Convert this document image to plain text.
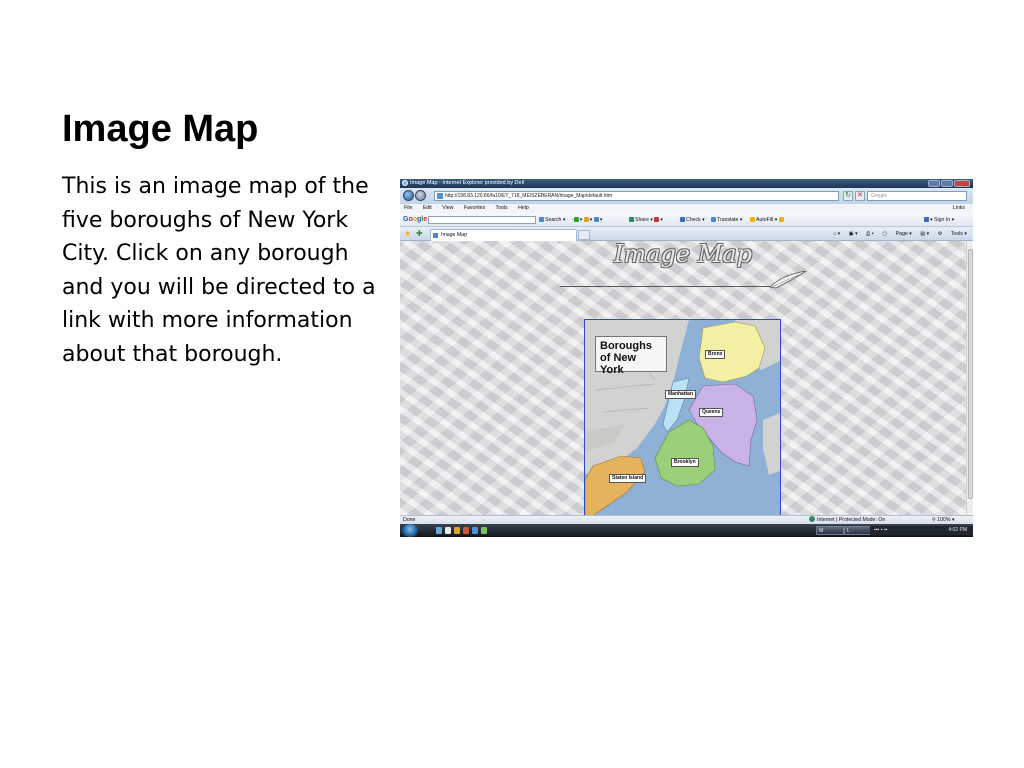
Image Map

This is an image map of the five boroughs of New York City. Click on any borough and you will be directed to a link with more information about that borough.

Image Map - Internet Explorer provided by Dell
http://198.83.120.86/fa10/ET_718_ME/SZEBERAN/Image_Map/default.htm	↻ ✕	Google
File Edit View Favorites Tools Help	Links
Google	Search ▾ · ▾ ▾ ▾	Share ▾ ▾	Check ▾	Translate ▾	AutoFill ▾	▾ Sign In ▾
★ ✚	Image Map	⌂ ▾ ▣ ▾ ⎙ ▾ ▢ Page ▾ ▤ ▾ ⚙ Tools ▾
Image Map
Boroughs of New York
Bronx
Manhattan
Queens
Brooklyn
Staten Island
Done	Internet | Protected Mode: On	⚲ 100% ▾
M	L	▪▪▪ ▪ ▪▪	4:02 PM
